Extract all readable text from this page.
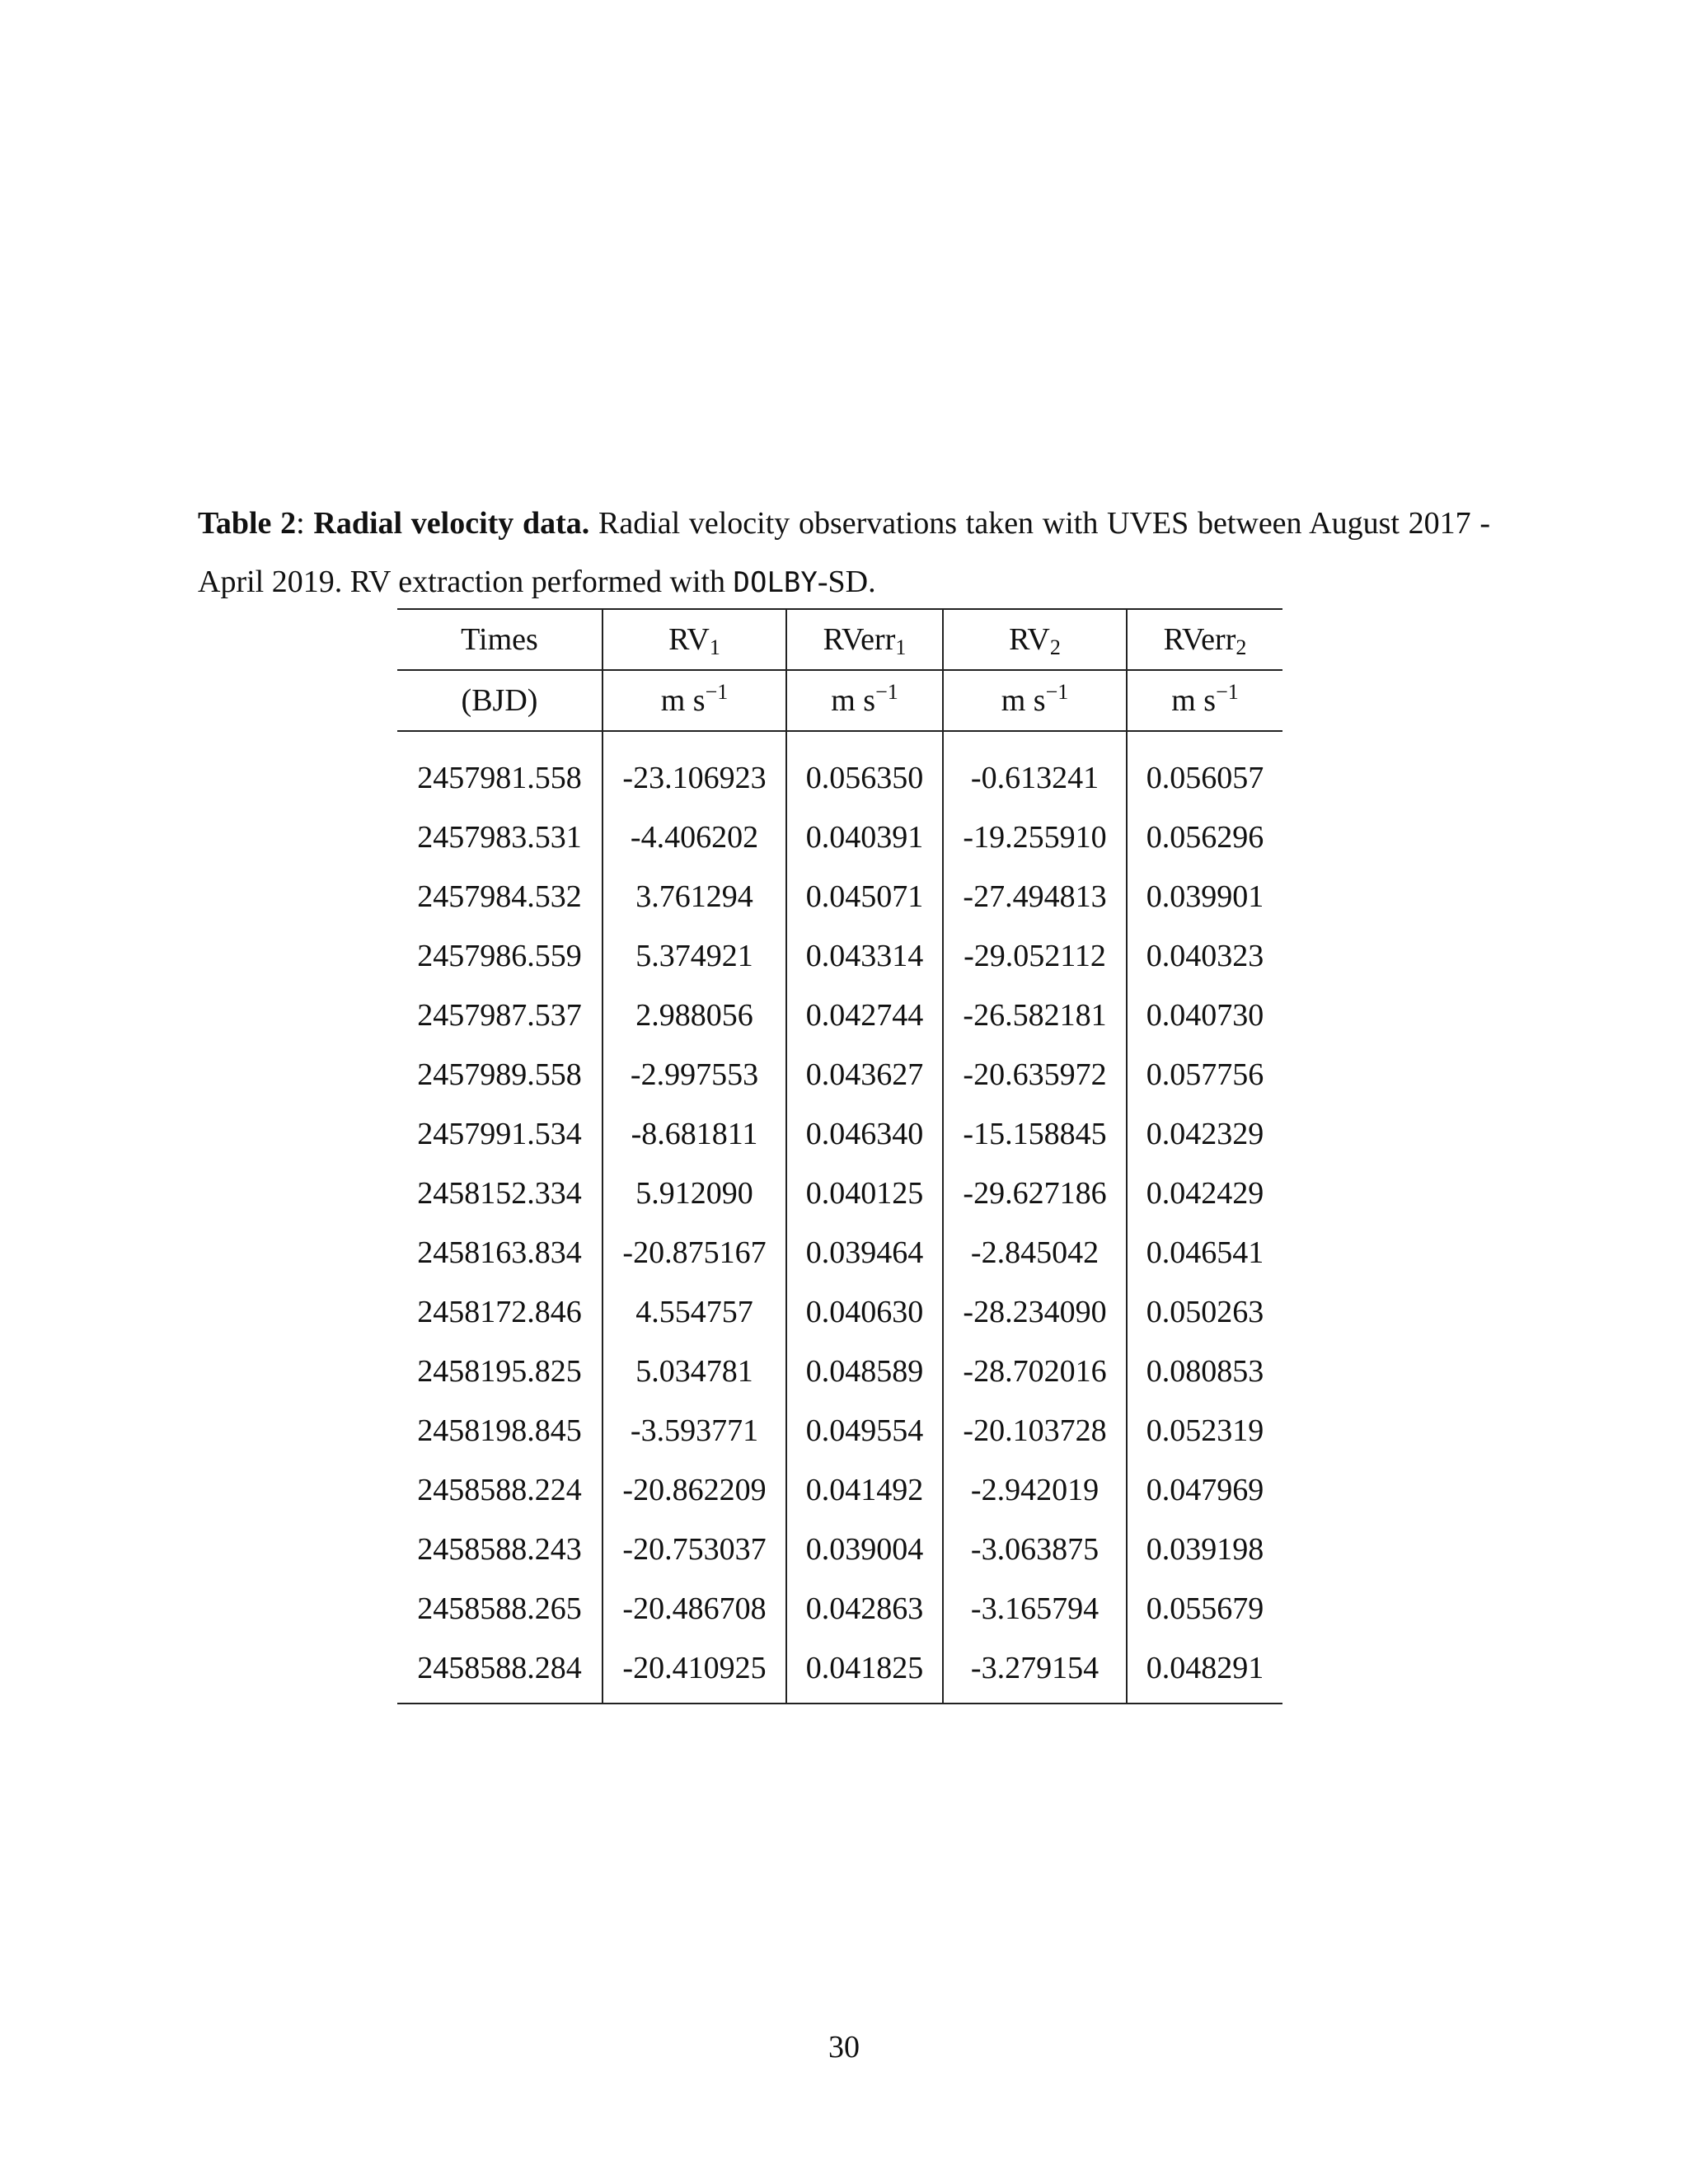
Table 2: Radial velocity data. Radial velocity observations taken with UVES between August 2017 - April 2019. RV extraction performed with DOLBY-SD.
Times	$RV_1$	RVerr$_1$	$RV_2$	RVerr$_2$
(BJD)	m $s^{-1}$	m $s^{-1}$	m $s^{-1}$	m $s^{-1}$
2457981.558	-23.106923	0.056350	-0.613241	0.056057
2457983.531	-4.406202	0.040391	-19.255910	0.056296
2457984.532	3.761294	0.045071	-27.494813	0.039901
2457986.559	5.374921	0.043314	-29.052112	0.040323
2457987.537	2.988056	0.042744	-26.582181	0.040730
2457989.558	-2.997553	0.043627	-20.635972	0.057756
2457991.534	-8.681811	0.046340	-15.158845	0.042329
2458152.334	5.912090	0.040125	-29.627186	0.042429
2458163.834	-20.875167	0.039464	-2.845042	0.046541
2458172.846	4.554757	0.040630	-28.234090	0.050263
2458195.825	5.034781	0.048589	-28.702016	0.080853
2458198.845	-3.593771	0.049554	-20.103728	0.052319
2458588.224	-20.862209	0.041492	-2.942019	0.047969
2458588.243	-20.753037	0.039004	-3.063875	0.039198
2458588.265	-20.486708	0.042863	-3.165794	0.055679
2458588.284	-20.410925	0.041825	-3.279154	0.048291
30
